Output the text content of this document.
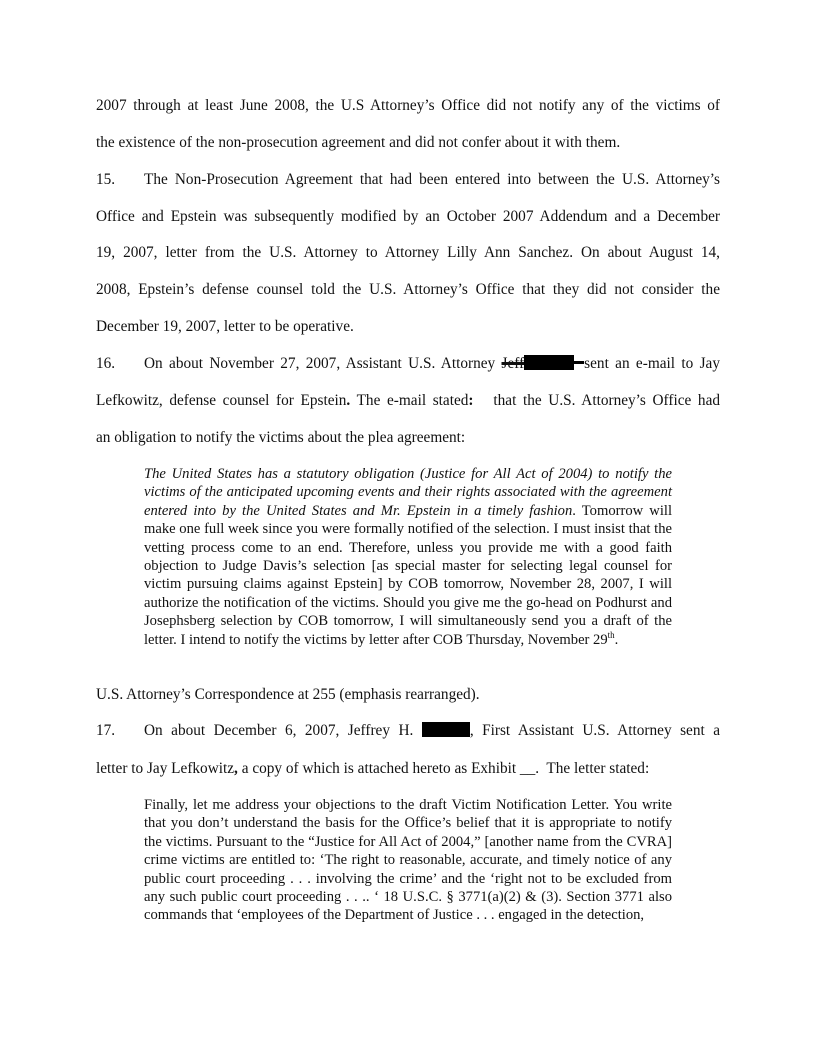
2007 through at least June 2008, the U.S Attorney’s Office did not notify any of the victims of
the existence of the non-prosecution agreement and did not confer about it with them.
15. The Non-Prosecution Agreement that had been entered into between the U.S. Attorney’s
Office and Epstein was subsequently modified by an October 2007 Addendum and a December
19, 2007, letter from the U.S. Attorney to Attorney Lilly Ann Sanchez. On about August 14,
2008, Epstein’s defense counsel told the U.S. Attorney’s Office that they did not consider the
December 19, 2007, letter to be operative.
16. On about November 27, 2007, Assistant U.S. Attorney Jeff	sent an e-mail to Jay
Lefkowitz, defense counsel for Epstein. The e-mail stated:   that the U.S. Attorney’s Office had
an obligation to notify the victims about the plea agreement:
The United States has a statutory obligation (Justice for All Act of 2004) to notify the victims of the anticipated upcoming events and their rights associated with the agreement entered into by the United States and Mr. Epstein in a timely fashion. Tomorrow will make one full week since you were formally notified of the selection. I must insist that the vetting process come to an end. Therefore, unless you provide me with a good faith objection to Judge Davis’s selection [as special master for selecting legal counsel for victim pursuing claims against Epstein] by COB tomorrow, November 28, 2007, I will authorize the notification of the victims. Should you give me the go-head on Podhurst and Josephsberg selection by COB tomorrow, I will simultaneously send you a draft of the letter. I intend to notify the victims by letter after COB Thursday, November 29th.
U.S. Attorney’s Correspondence at 255 (emphasis rearranged).
17. On about December 6, 2007, Jeffrey H.	, First Assistant U.S. Attorney sent a
letter to Jay Lefkowitz, a copy of which is attached hereto as Exhibit __.  The letter stated:
Finally, let me address your objections to the draft Victim Notification Letter. You write that you don’t understand the basis for the Office’s belief that it is appropriate to notify the victims. Pursuant to the “Justice for All Act of 2004,” [another name from the CVRA] crime victims are entitled to: ‘The right to reasonable, accurate, and timely notice of any public court proceeding . . . involving the crime’ and the ‘right not to be excluded from any such public court proceeding . . .. ‘ 18 U.S.C. § 3771(a)(2) & (3). Section 3771 also commands that ‘employees of the Department of Justice . . . engaged in the detection,
